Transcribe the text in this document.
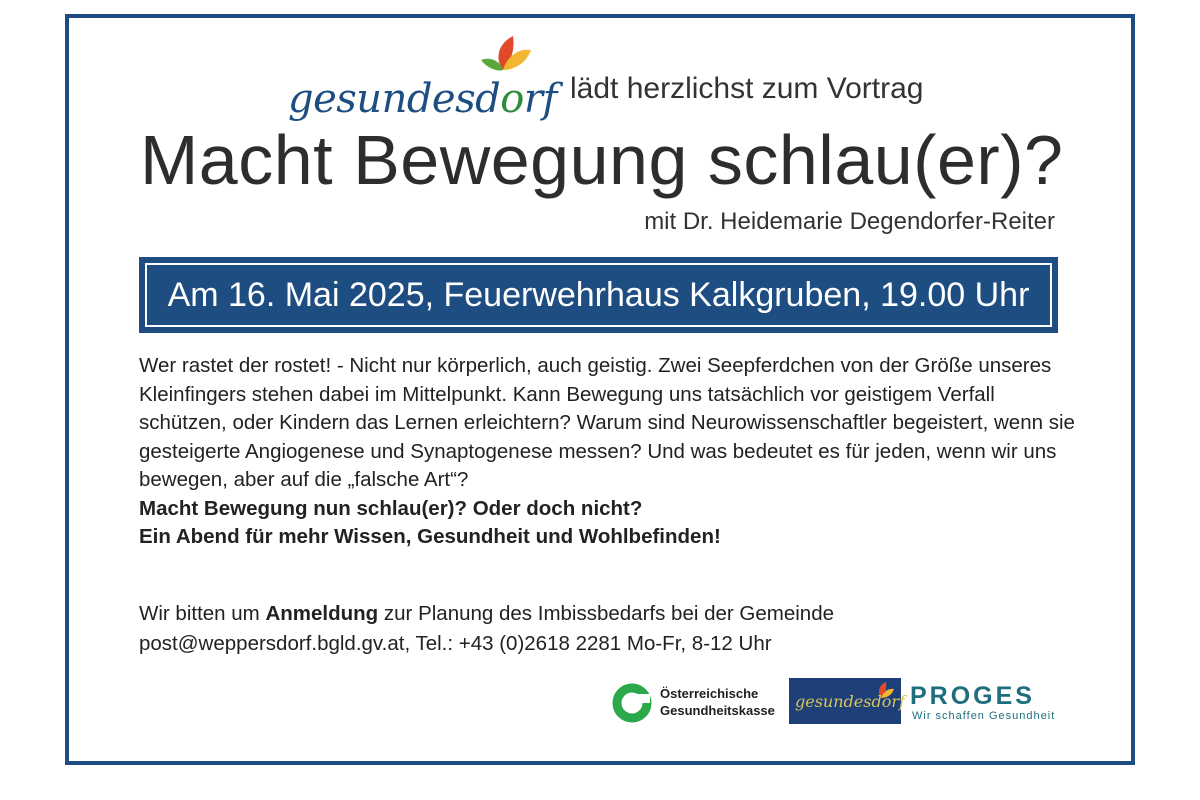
gesundesdorf lädt herzlichst zum Vortrag
Macht Bewegung schlau(er)?
mit Dr. Heidemarie Degendorfer-Reiter
Am 16. Mai 2025, Feuerwehrhaus Kalkgruben, 19.00 Uhr

Wer rastet der rostet! - Nicht nur körperlich, auch geistig. Zwei Seepferdchen von der Größe unseres Kleinfingers stehen dabei im Mittelpunkt. Kann Bewegung uns tatsächlich vor geistigem Verfall schützen, oder Kindern das Lernen erleichtern? Warum sind Neurowissenschaftler begeistert, wenn sie gesteigerte Angiogenese und Synaptogenese messen? Und was bedeutet es für jeden, wenn wir uns bewegen, aber auf die „falsche Art“?

Macht Bewegung nun schlau(er)? Oder doch nicht?

Ein Abend für mehr Wissen, Gesundheit und Wohlbefinden!

Wir bitten um Anmeldung zur Planung des Imbissbedarfs bei der Gemeinde
post@weppersdorf.bgld.gv.at, Tel.: +43 (0)2618 2281 Mo-Fr, 8-12 Uhr
Österreichische
Gesundheitskasse gesundesdorf PROGES
Wir schaffen Gesundheit
